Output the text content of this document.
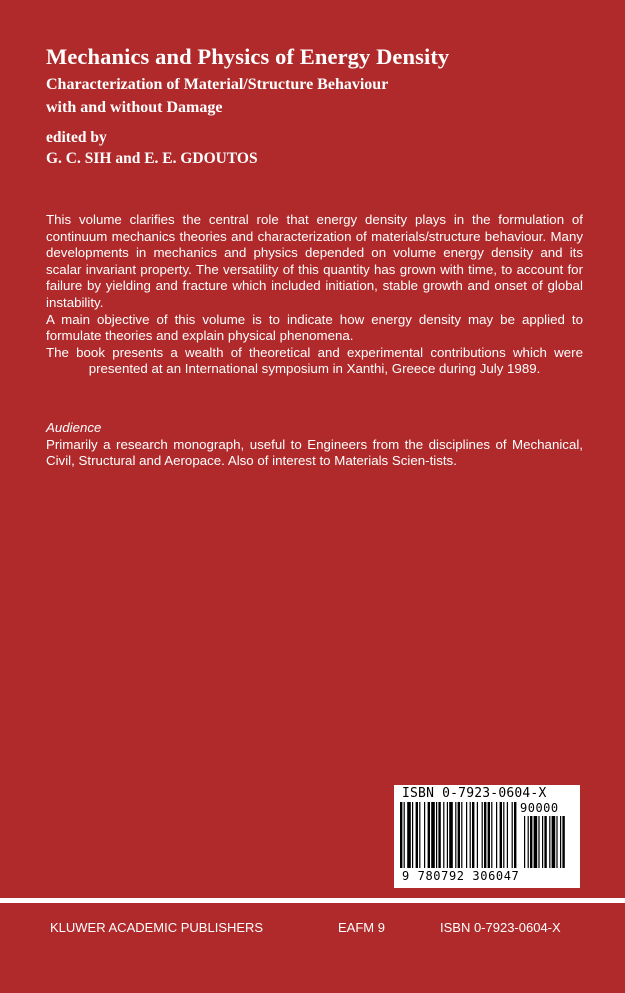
Mechanics and Physics of Energy Density
Characterization of Material/Structure Behaviour
with and without Damage
edited by
G. C. SIH and E. E. GDOUTOS

This volume clarifies the central role that energy density plays in the formulation of continuum mechanics theories and characterization of materials/structure behaviour. Many developments in mechanics and physics depended on volume energy density and its scalar invariant property. The versatility of this quantity has grown with time, to account for failure by yielding and fracture which included initiation, stable growth and onset of global instability.

A main objective of this volume is to indicate how energy density may be applied to formulate theories and explain physical phenomena.

The book presents a wealth of theoretical and experimental contributions which were presented at an International symposium in Xanthi, Greece during July 1989.

Audience

Primarily a research monograph, useful to Engineers from the disciplines of Mechanical, Civil, Structural and Aeropace. Also of interest to Materials Scien-tists.

ISBN 0-7923-0604-X
90000
9 780792 306047
KLUWER ACADEMIC PUBLISHERS	EAFM 9	ISBN 0-7923-0604-X
